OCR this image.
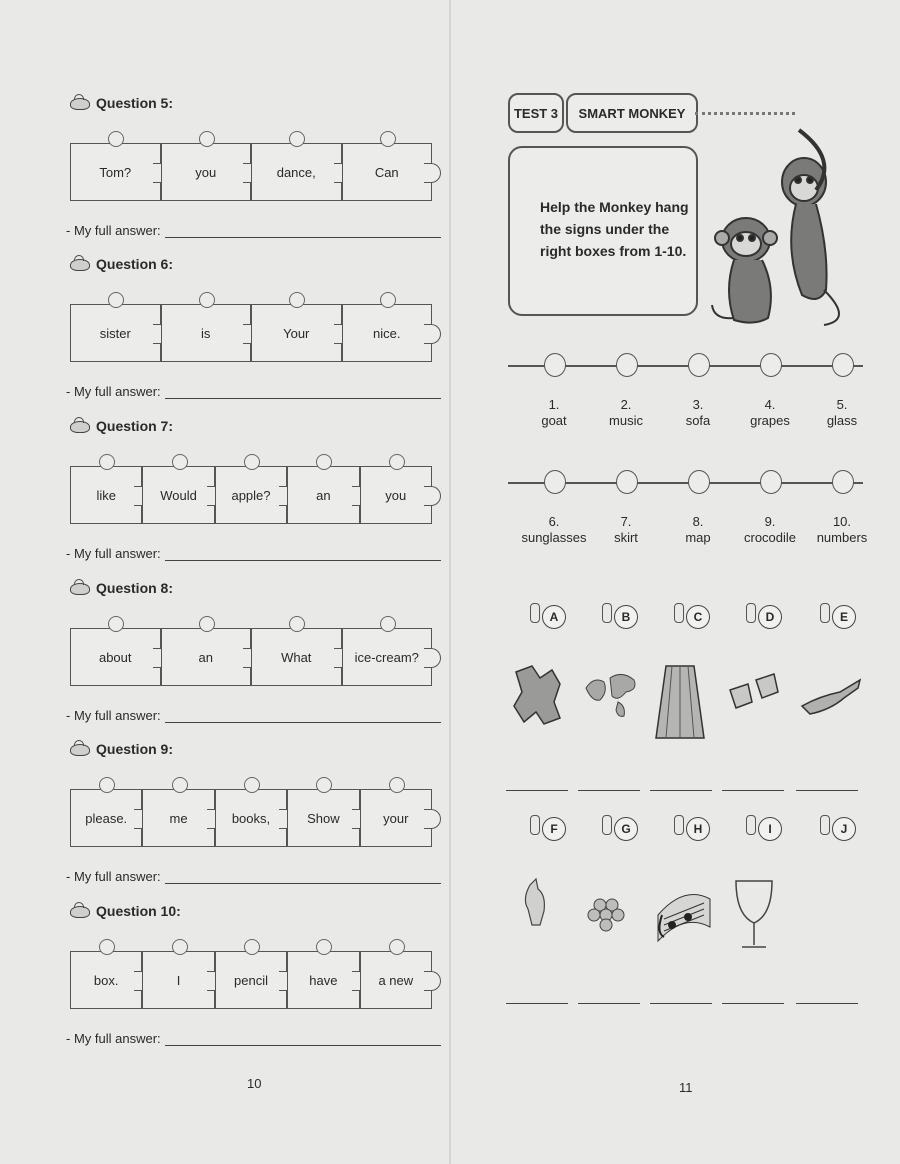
Question 5:
Tom?	you	dance,	Can
- My full answer:
Question 6:
sister	is	Your	nice.
- My full answer:
Question 7:
like	Would	apple?	an	you
- My full answer:
Question 8:
about	an	What	ice-cream?
- My full answer:
Question 9:
please.	me	books,	Show	your
- My full answer:
Question 10:
box.	I	pencil	have	a new
- My full answer:
10
TEST 3	SMART MONKEY
Help the Monkey hang the signs under the right boxes from 1-10.
1.
goat
2.
music
3.
sofa
4.
grapes
5.
glass
6.
sunglasses
7.
skirt
8.
map
9.
crocodile
10.
numbers
A	B	C	D	E
F	G	H	I	J
11
